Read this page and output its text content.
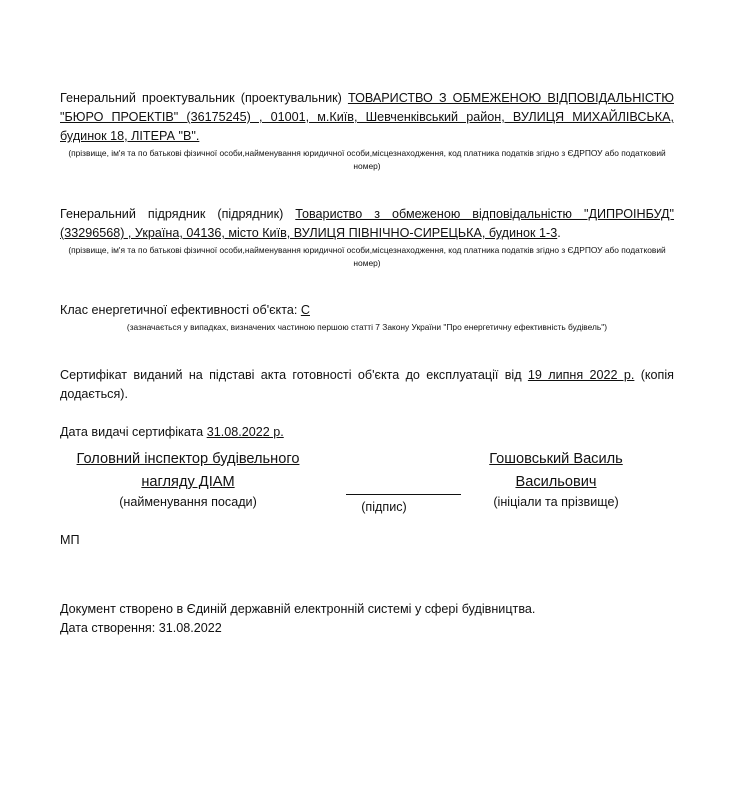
Генеральний проектувальник (проектувальник) ТОВАРИСТВО З ОБМЕЖЕНОЮ ВІДПОВІДАЛЬНІСТЮ "БЮРО ПРОЕКТІВ" (36175245) , 01001, м.Київ, Шевченківський район, ВУЛИЦЯ МИХАЙЛІВСЬКА, будинок 18, ЛІТЕРА "В".

(прізвище, ім'я та по батькові фізичної особи,найменування юридичної особи,місцезнаходження, код платника податків згідно з ЄДРПОУ або податковий номер)

Генеральний підрядник (підрядник) Товариство з обмеженою відповідальністю "ДИПРОІНБУД" (33296568) , Україна, 04136, місто Київ, ВУЛИЦЯ ПІВНІЧНО-СИРЕЦЬКА, будинок 1-3.

(прізвище, ім'я та по батькові фізичної особи,найменування юридичної особи,місцезнаходження, код платника податків згідно з ЄДРПОУ або податковий номер)

Клас енергетичної ефективності об'єкта: С

(зазначається у випадках, визначених частиною першою статті 7 Закону України "Про енергетичну ефективність будівель")

Сертифікат виданий на підставі акта готовності об'єкта до експлуатації від 19 липня 2022 р. (копія додається).

Дата видачі сертифіката 31.08.2022 р.

Головний інспектор будівельного
нагляду ДІАМ
(найменування посади)	(підпис)
Гошовський Василь
Васильович
(ініціали та прізвище)

МП

Документ створено в Єдиній державній електронній системі у сфері будівництва.

Дата створення: 31.08.2022
